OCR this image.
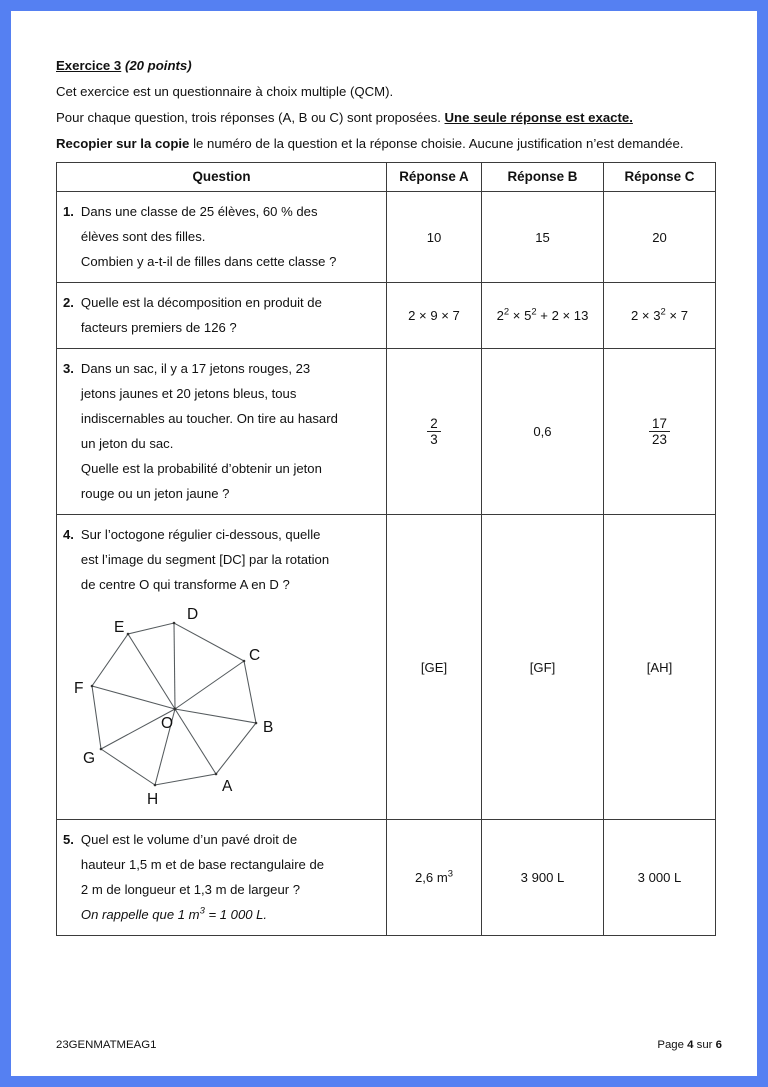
Exercice 3 (20 points)

Cet exercice est un questionnaire à choix multiple (QCM).

Pour chaque question, trois réponses (A, B ou C) sont proposées. Une seule réponse est exacte.

Recopier sur la copie le numéro de la question et la réponse choisie. Aucune justification n’est demandée.

Question	Réponse A	Réponse B	Réponse C

1. Dans une classe de 25 élèves, 60 % des
élèves sont des filles.
Combien y a-t-il de filles dans cette classe ?	10	15	20

2. Quelle est la décomposition en produit de
facteurs premiers de 126 ?	2 × 9 × 7	$2^2 \times 5^2 + 2 \times 13$	$2 \times 3^2 \times 7$

3. Dans un sac, il y a 17 jetons rouges, 23
jetons jaunes et 20 jetons bleus, tous
indiscernables au toucher. On tire au hasard
un jeton du sac.
Quelle est la probabilité d’obtenir un jeton
rouge ou un jeton jaune ?

$\frac{2}{3}$	0,6	$\frac{17}{23}$

4. Sur l’octogone régulier ci-dessous, quelle
est l’image du segment [DC] par la rotation
de centre O qui transforme A en D ?
A
B
C
D
E
F
G
H
O
	[GE]	[GF]	[AH]

5. Quel est le volume d’un pavé droit de
hauteur 1,5 m et de base rectangulaire de
2 m de longueur et 1,3 m de largeur ?
On rappelle que 1 $m^3 = 1$ 000 L.	2,6 $m^3$	3 900 L	3 000 L
23GENMATMEAG1	Page 4 sur 6
